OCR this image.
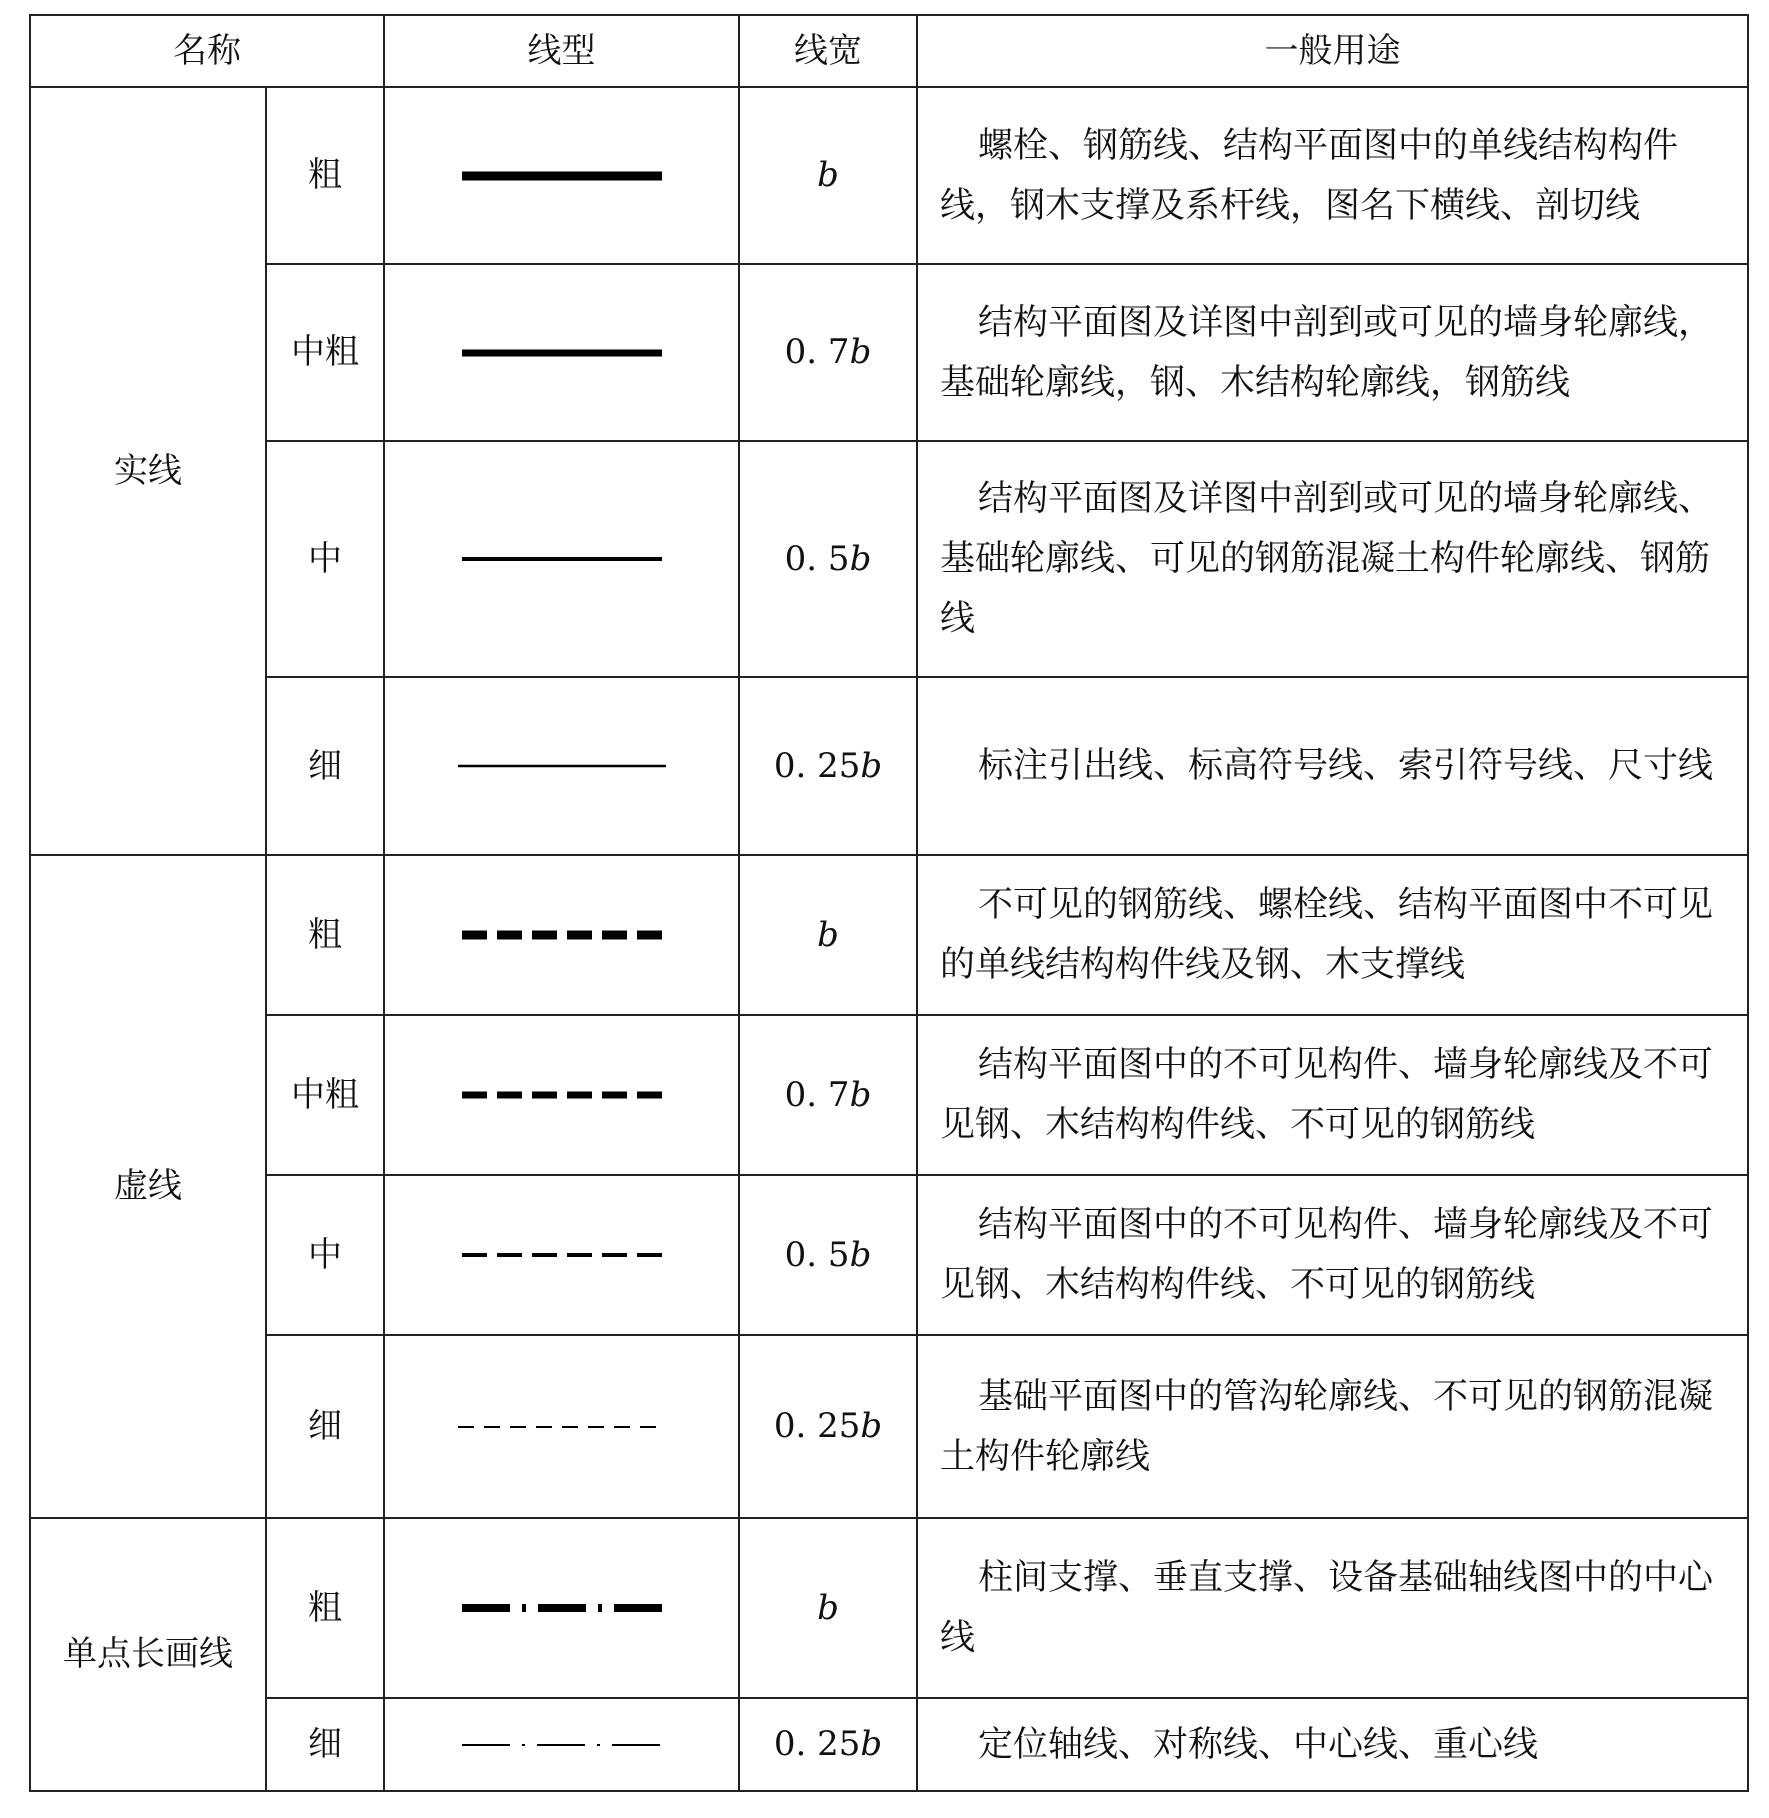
名称		线型	线宽	一般用途
实线	粗		b	螺栓、钢筋线、结构平面图中的单线结构构件线，钢木支撑及系杆线，图名下横线、剖切线
	中粗		0. 7b	结构平面图及详图中剖到或可见的墙身轮廓线，基础轮廓线，钢、木结构轮廓线，钢筋线
	中		0. 5b	结构平面图及详图中剖到或可见的墙身轮廓线、基础轮廓线、可见的钢筋混凝土构件轮廓线、钢筋线
	细		0. 25b	标注引出线、标高符号线、索引符号线、尺寸线
虚线	粗		b	不可见的钢筋线、螺栓线、结构平面图中不可见的单线结构构件线及钢、木支撑线
	中粗		0. 7b	结构平面图中的不可见构件、墙身轮廓线及不可见钢、木结构构件线、不可见的钢筋线
	中		0. 5b	结构平面图中的不可见构件、墙身轮廓线及不可见钢、木结构构件线、不可见的钢筋线
	细		0. 25b	基础平面图中的管沟轮廓线、不可见的钢筋混凝土构件轮廓线
单点长画线	粗		b	柱间支撑、垂直支撑、设备基础轴线图中的中心线
	细		0. 25b	定位轴线、对称线、中心线、重心线
